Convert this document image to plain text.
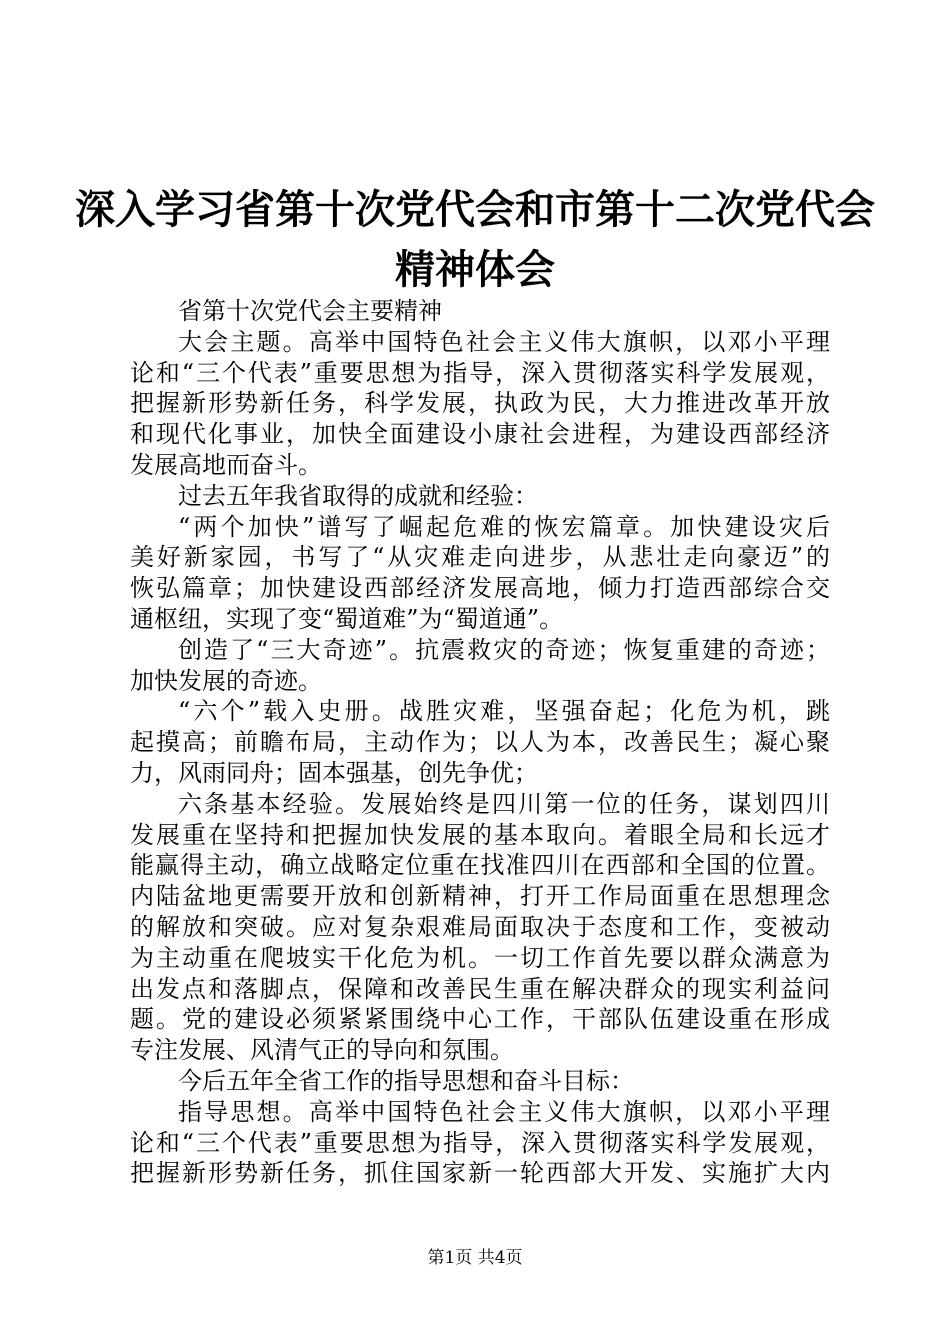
深入学习省第十次党代会和市第十二次党代会
精神体会
省第十次党代会主要精神
大会主题。高举中国特色社会主义伟大旗帜，以邓小平理
论和“三个代表”重要思想为指导，深入贯彻落实科学发展观，
把握新形势新任务，科学发展，执政为民，大力推进改革开放
和现代化事业，加快全面建设小康社会进程，为建设西部经济
发展高地而奋斗。
过去五年我省取得的成就和经验：
“两个加快”谱写了崛起危难的恢宏篇章。加快建设灾后
美好新家园，书写了“从灾难走向进步，从悲壮走向豪迈”的
恢弘篇章；加快建设西部经济发展高地，倾力打造西部综合交
通枢纽，实现了变“蜀道难”为“蜀道通”。
创造了“三大奇迹”。抗震救灾的奇迹；恢复重建的奇迹；
加快发展的奇迹。
“六个”载入史册。战胜灾难，坚强奋起；化危为机，跳
起摸高；前瞻布局，主动作为；以人为本，改善民生；凝心聚
力，风雨同舟；固本强基，创先争优；
六条基本经验。发展始终是四川第一位的任务，谋划四川
发展重在坚持和把握加快发展的基本取向。着眼全局和长远才
能赢得主动，确立战略定位重在找准四川在西部和全国的位置。
内陆盆地更需要开放和创新精神，打开工作局面重在思想理念
的解放和突破。应对复杂艰难局面取决于态度和工作，变被动
为主动重在爬坡实干化危为机。一切工作首先要以群众满意为
出发点和落脚点，保障和改善民生重在解决群众的现实利益问
题。党的建设必须紧紧围绕中心工作，干部队伍建设重在形成
专注发展、风清气正的导向和氛围。
今后五年全省工作的指导思想和奋斗目标：
指导思想。高举中国特色社会主义伟大旗帜，以邓小平理
论和“三个代表”重要思想为指导，深入贯彻落实科学发展观，
把握新形势新任务，抓住国家新一轮西部大开发、实施扩大内
第1页 共4页
